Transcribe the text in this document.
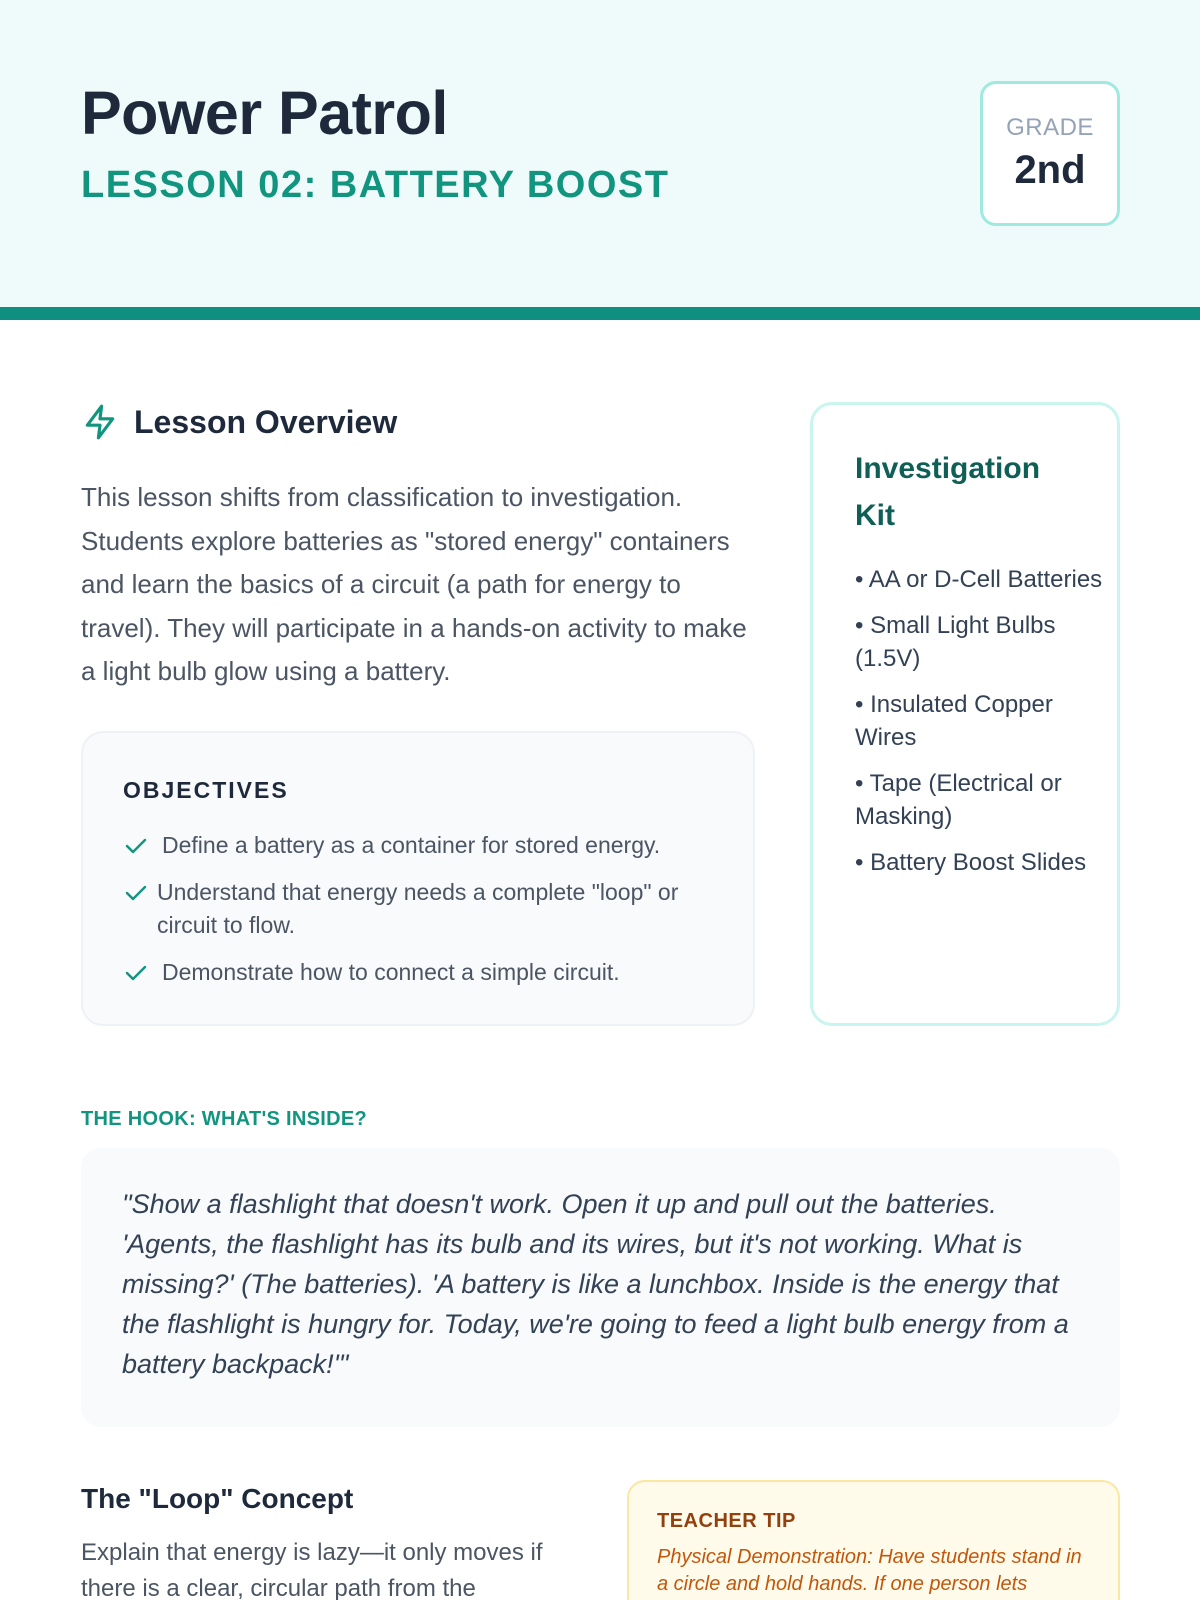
Power Patrol
LESSON 02: BATTERY BOOST
GRADE
2nd
Lesson Overview

This lesson shifts from classification to investigation. Students explore batteries as "stored energy" containers and learn the basics of a circuit (a path for energy to travel). They will participate in a hands-on activity to make a light bulb glow using a battery.

OBJECTIVES
Define a battery as a container for stored energy.
Understand that energy needs a complete "loop" or circuit to flow.
Demonstrate how to connect a simple circuit.
Investigation Kit
• AA or D-Cell Batteries
• Small Light Bulbs (1.5V)
• Insulated Copper Wires
• Tape (Electrical or Masking)
• Battery Boost Slides
THE HOOK: WHAT'S INSIDE?

"Show a flashlight that doesn't work. Open it up and pull out the batteries. 'Agents, the flashlight has its bulb and its wires, but it's not working. What is missing?' (The batteries). 'A battery is like a lunchbox. Inside is the energy that the flashlight is hungry for. Today, we're going to feed a light bulb energy from a battery backpack!'"

The "Loop" Concept

Explain that energy is lazy—it only moves if there is a clear, circular path from the

TEACHER TIP

Physical Demonstration: Have students stand in a circle and hold hands. If one person lets
